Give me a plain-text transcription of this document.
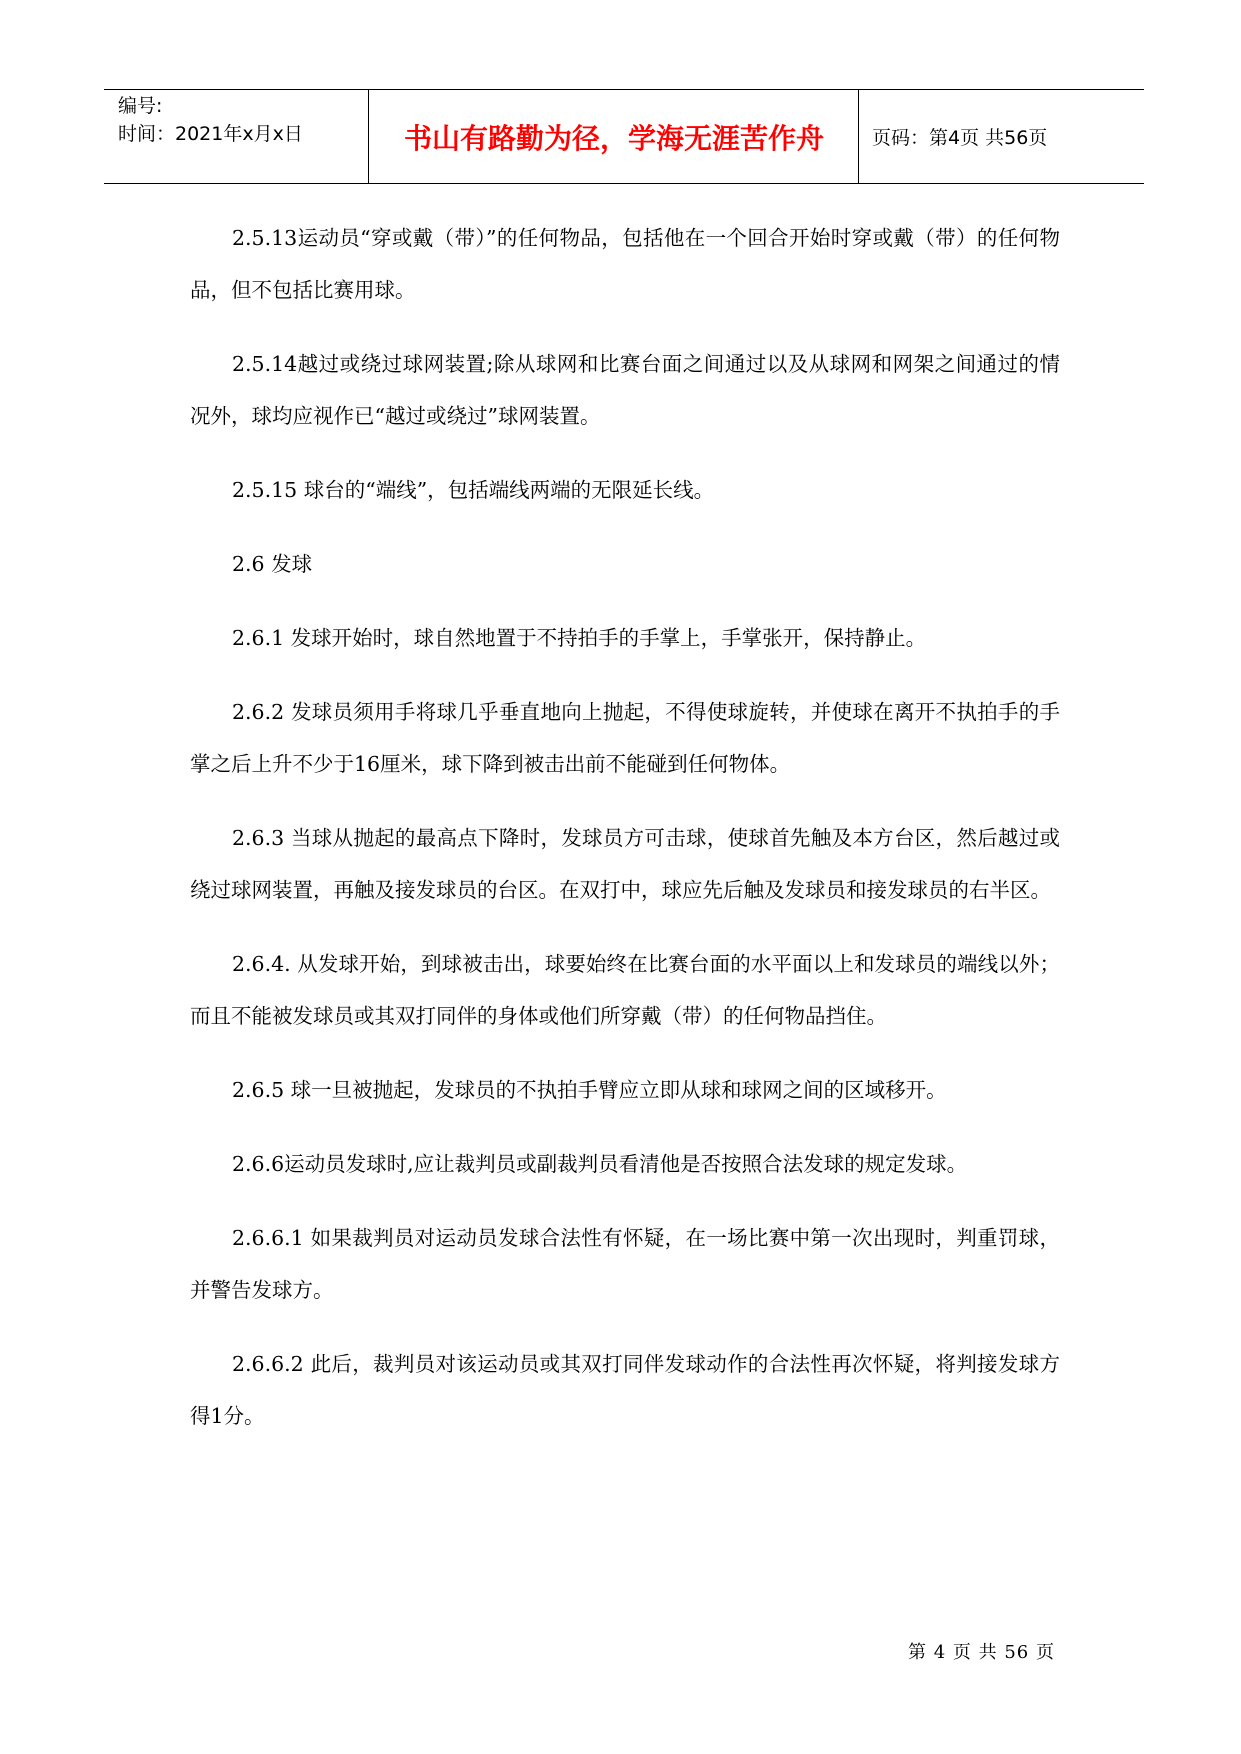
编号:
时间：2021年x月x日	书山有路勤为径，学海无涯苦作舟	页码：第4页 共56页

2.5.13运动员“穿或戴（带）”的任何物品，包括他在一个回合开始时穿或戴（带）的任何物品，但不包括比赛用球。

2.5.14越过或绕过球网装置;除从球网和比赛台面之间通过以及从球网和网架之间通过的情况外，球均应视作已“越过或绕过”球网装置。

2.5.15 球台的“端线”，包括端线两端的无限延长线。

2.6 发球

2.6.1 发球开始时，球自然地置于不持拍手的手掌上，手掌张开，保持静止。

2.6.2 发球员须用手将球几乎垂直地向上抛起，不得使球旋转，并使球在离开不执拍手的手掌之后上升不少于16厘米，球下降到被击出前不能碰到任何物体。

2.6.3 当球从抛起的最高点下降时，发球员方可击球，使球首先触及本方台区，然后越过或绕过球网装置，再触及接发球员的台区。在双打中，球应先后触及发球员和接发球员的右半区。

2.6.4. 从发球开始，到球被击出，球要始终在比赛台面的水平面以上和发球员的端线以外；而且不能被发球员或其双打同伴的身体或他们所穿戴（带）的任何物品挡住。

2.6.5 球一旦被抛起，发球员的不执拍手臂应立即从球和球网之间的区域移开。

2.6.6运动员发球时,应让裁判员或副裁判员看清他是否按照合法发球的规定发球。

2.6.6.1 如果裁判员对运动员发球合法性有怀疑，在一场比赛中第一次出现时，判重罚球，并警告发球方。

2.6.6.2 此后，裁判员对该运动员或其双打同伴发球动作的合法性再次怀疑，将判接发球方得1分。

第 4 页 共 56 页
